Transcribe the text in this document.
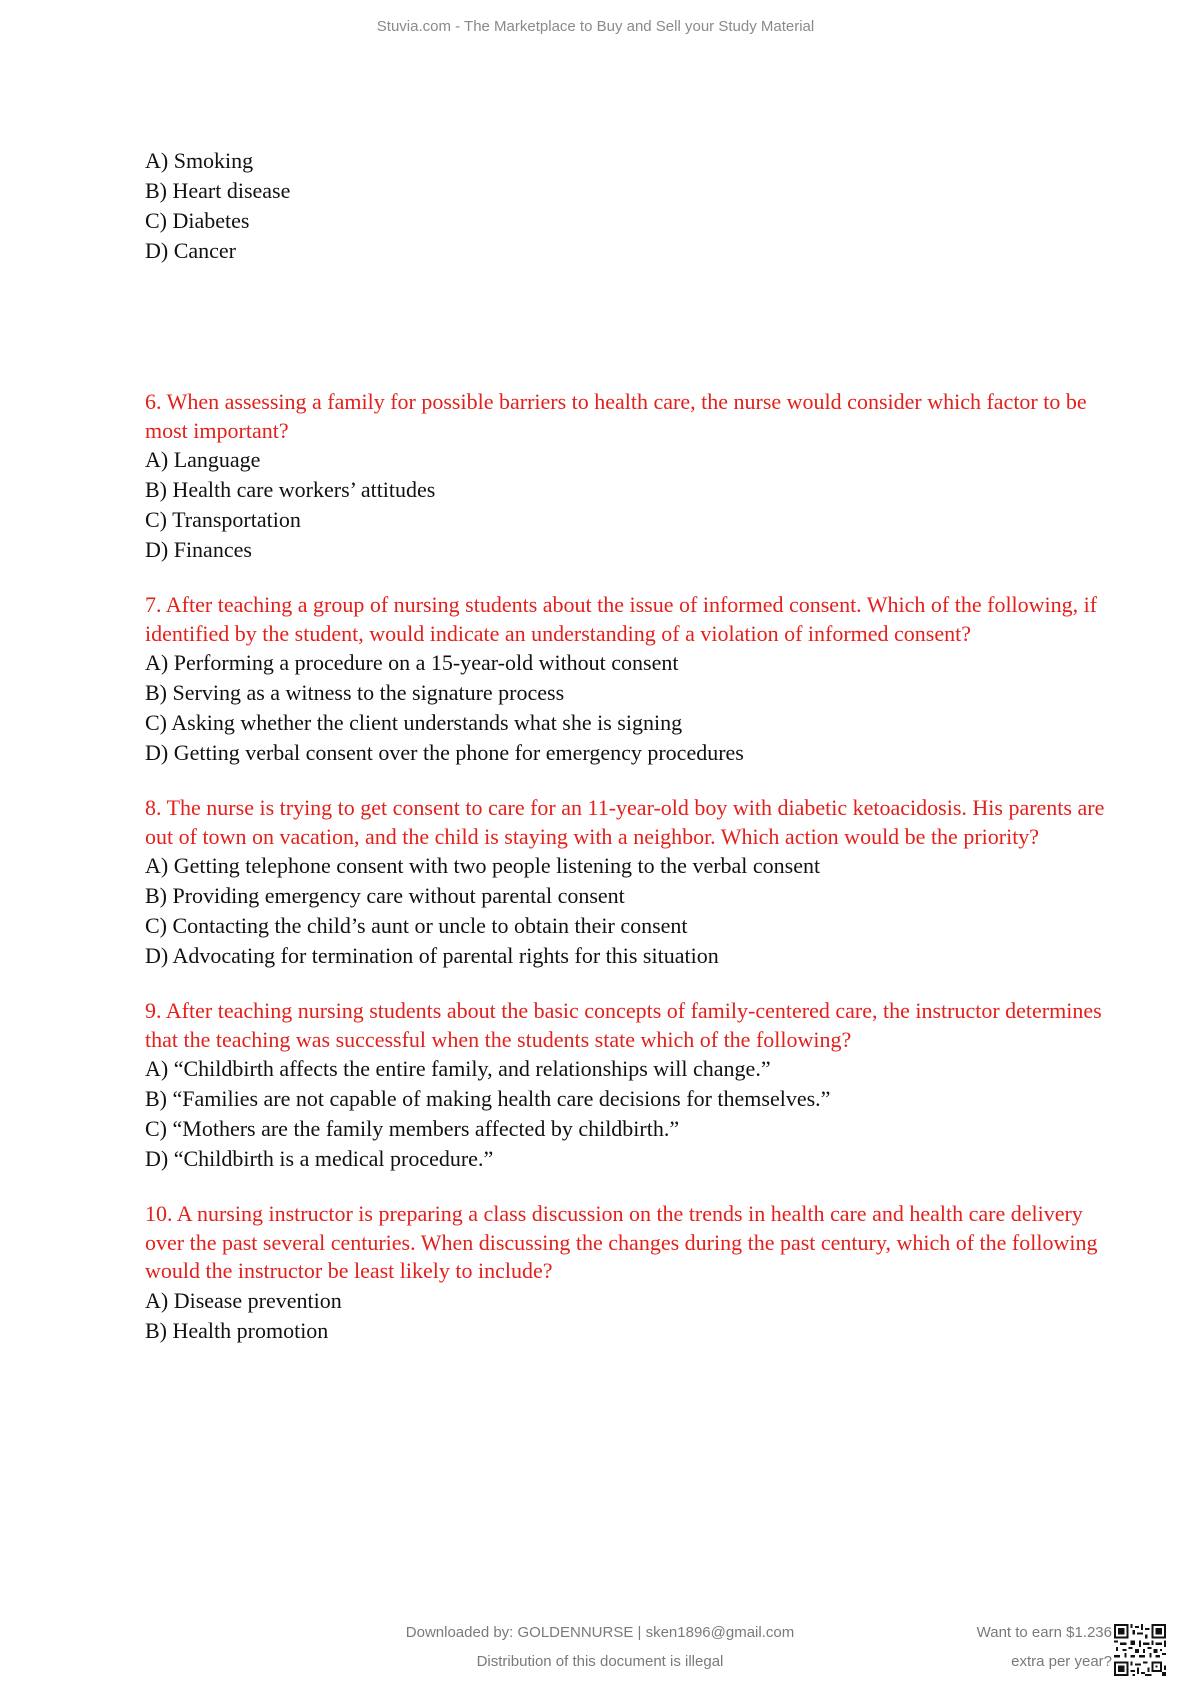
Stuvia.com - The Marketplace to Buy and Sell your Study Material
A) Smoking
B) Heart disease
C) Diabetes
D) Cancer
6. When assessing a family for possible barriers to health care, the nurse would consider which factor to be most important?
A) Language
B) Health care workers’ attitudes
C) Transportation
D) Finances
7. After teaching a group of nursing students about the issue of informed consent. Which of the following, if identified by the student, would indicate an understanding of a violation of informed consent?
A) Performing a procedure on a 15-year-old without consent
B) Serving as a witness to the signature process
C) Asking whether the client understands what she is signing
D) Getting verbal consent over the phone for emergency procedures
8. The nurse is trying to get consent to care for an 11-year-old boy with diabetic ketoacidosis. His parents are out of town on vacation, and the child is staying with a neighbor. Which action would be the priority?
A) Getting telephone consent with two people listening to the verbal consent
B) Providing emergency care without parental consent
C) Contacting the child’s aunt or uncle to obtain their consent
D) Advocating for termination of parental rights for this situation
9. After teaching nursing students about the basic concepts of family-centered care, the instructor determines that the teaching was successful when the students state which of the following?
A) “Childbirth affects the entire family, and relationships will change.”
B) “Families are not capable of making health care decisions for themselves.”
C) “Mothers are the family members affected by childbirth.”
D) “Childbirth is a medical procedure.”
10. A nursing instructor is preparing a class discussion on the trends in health care and health care delivery over the past several centuries. When discussing the changes during the past century, which of the following would the instructor be least likely to include?
A) Disease prevention
B) Health promotion
Downloaded by: GOLDENNURSE | sken1896@gmail.com
Distribution of this document is illegal
Want to earn $1.236
extra per year?
